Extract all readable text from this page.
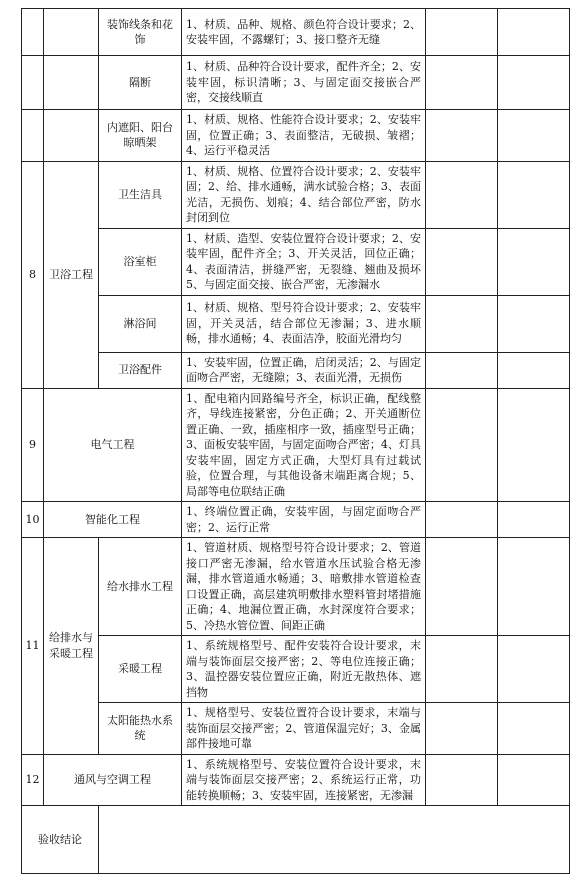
		装饰线条和花饰	1、材质、品种、规格、颜色符合设计要求；2、安装牢固，不露螺钉；3、接口整齐无缝		
		隔断	1、材质、品种符合设计要求，配件齐全；2、安装牢固，标识清晰；3、与固定面交接嵌合严密，交接线顺直		
		内遮阳、阳台晾晒架	1、材质、规格、性能符合设计要求；2、安装牢固，位置正确；3、表面整洁，无破损、皱褶；4、运行平稳灵活		
8	卫浴工程	卫生洁具	1、材质、规格、位置符合设计要求；2、安装牢固；2、给、排水通畅，满水试验合格；3、表面光洁，无损伤、划痕；4、结合部位严密，防水封闭到位		
		浴室柜	1、材质、造型、安装位置符合设计要求；2、安装牢固，配件齐全；3、开关灵活，回位正确；4、表面清洁，拼缝严密，无裂缝、翘曲及损坏5、与固定面交接、嵌合严密，无渗漏水		
		淋浴间	1、材质、规格、型号符合设计要求；2、安装牢固，开关灵活，结合部位无渗漏；3、进水顺畅，排水通畅；4、表面洁净，胶面光滑均匀		
		卫浴配件	1、安装牢固，位置正确，启闭灵活；2、与固定面吻合严密，无缝隙；3、表面光滑，无损伤		
9	电气工程		1、配电箱内回路编号齐全，标识正确，配线整齐，导线连接紧密，分色正确；2、开关通断位置正确、一致，插座相序一致，插座型号正确；3、面板安装牢固，与固定面吻合严密；4、灯具安装牢固，固定方式正确，大型灯具有过载试验，位置合理，与其他设备末端距离合规；5、局部等电位联结正确		
10	智能化工程		1、终端位置正确，安装牢固，与固定面吻合严密；2、运行正常		
11	给排水与采暖工程	给水排水工程	1、管道材质、规格型号符合设计要求；2、管道接口严密无渗漏，给水管道水压试验合格无渗漏，排水管道通水畅通；3、暗敷排水管道检查口设置正确，高层建筑明敷排水塑料管封堵措施正确；4、地漏位置正确，水封深度符合要求；5、冷热水管位置、间距正确		
		采暖工程	1、系统规格型号、配件安装符合设计要求，末端与装饰面层交接严密；2、等电位连接正确；3、温控器安装位置应正确，附近无散热体、遮挡物		
		太阳能热水系统	1、规格型号、安装位置符合设计要求，末端与装饰面层交接严密；2、管道保温完好；3、金属部件接地可靠		
12	通风与空调工程		1、系统规格型号、安装位置符合设计要求，末端与装饰面层交接严密；2、系统运行正常，功能转换顺畅；3、安装牢固，连接紧密，无渗漏		
验收结论					
